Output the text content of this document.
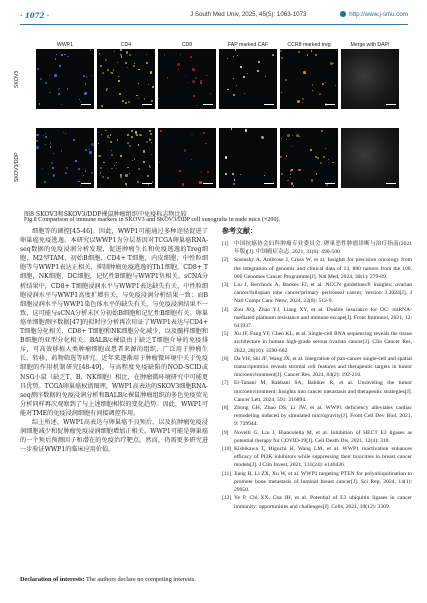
· 1072 ·	J South Med Univ, 2025, 45(5): 1063-1073	http://www.j-smu.com
WWP1	CD4	CD8	FAP marked CAF	CCR8 marked treg	Merge with DAPI
SKOV3
SKOV3/DDP
图8 SKOV3和SKOV3/DDP裸鼠肿瘤组织中免疫标志物比较
Fig.8 Comparison of immune markers in SKOV3 and SKOV3/DDP cell xenografts in nude mice (×200).

细胞等的调控[45-46]。因此，WWP1可能通过多种途径促进了卵巢癌免疫逃逸。本研究以WWP1为分层基因对TCGA卵巢癌RNA-seq数据的免疫浸润分析发现，促进肿瘤生长和免疫逃逸的Treg细胞，M2型TAM，初始B细胞，CD4+ T细胞，内皮细胞，中性粒细胞等与WWP1表达正相关，抑制肿瘤免疫逃逸的Th1细胞，CD8+ T细胞，NK细胞，DC细胞，记忆性B细胞与WWP1负相关。sCNA分析结果中，CD8+ T细胞浸润水平与WWP1表达缺失有关，中性粒细胞浸润水平与WWP1高度扩增有关，与免疫浸润分析结果一致；而B细胞浸润水平与WWP1染色体水平的缺失有关，与免疫浸润结果不一致，这可能与sCNA分析未区分初始B细胞和记忆性B细胞有关。卵巢癌单细胞测序数据[47]的拟时序分析再次印证了WWP1表达与CD4+ T细胞分化相关，CD8+ T细胞和NK细胞分化减少，以及髓样细胞和B细胞的亚型分化相关。BALB/c裸鼠由于缺乏T细胞介导的免疫排斥，可高效移植人类肿瘤细胞或患者来源的组织，广泛用于肿瘤生长、转移、药物筛选等研究。近年来逐渐用于肿瘤微环境中关于免疫细胞的作用机制研究[48-49]，与高程度免疫缺陷的NOD-SCID或NSG小鼠（缺乏T、B、NK细胞）相比，在肿瘤微环境研究中可能更具优势。TCGA卵巢癌权谱图理，WWP1高表达的SKOV3细胞RNA-seq测序数据的免疫浸润分析和BALB/c裸鼠肿瘤组织的多色免疫荧光分析同样再次观察到了与上述细胞相似的变化趋势。因此，WWP1可能对TME的免疫浸润细胞有间接调控作用。

综上所述，WWP1高表达与卵巢癌不良预后，以及抗肿瘤免疫浸润细胞减少和促肿瘤免疫浸润细胞增加正相关。WWP1可能是卵巢癌的一个预后预测因子和潜在的免疫治疗靶点。然而，仍需更多研究进一步验证WWP1的临床应用价值。

Declaration of interests: The authors declare no competing interests.
参考文献：
[1] 中国抗癌协会妇科肿瘤专业委员会. 卵巢恶性肿瘤诊断与治疗指南(2021年版)[J]. 中国癌症杂志, 2021, 31(6): 490-500.
[2] Sosinsky A, Ambrose J, Cross W, et al. Insights for precision oncology from the integration of genomic and clinical data of 13, 880 tumors from the 100, 000 Genomes Cancer Programme[J]. Nat Med, 2024, 30(1): 279-89.
[3] Liu J, Berchuck A, Backes FJ, et al. NCCN guidelines® insights: ovarian cancer/fallopian tube cancer/primary peritoneal cancer, version 3.2024[J]. J Natl Compr Canc Netw, 2024, 22(8): 512-9.
[4] Zou XQ, Zhao YJ, Liang XY, et al. Double insurance for OC: miRNA-mediated platinum resistance and immune escape[J]. Front Immunol, 2021, 12: 641937.
[5] Xu JF, Fang YF, Chen KL, et al. Single-cell RNA sequencing reveals the tissue architecture in human high-grade serous ovarian cancer[J]. Clin Cancer Res, 2022, 28(16): 3590-602.
[6] Da YH, Shi JF, Wang JX, et al. Integration of pan-cancer single-cell and spatial transcriptomics reveals stromal cell features and therapeutic targets in tumor microenvironment[J]. Cancer Res, 2024, 84(2): 192-210.
[7] El-Tanani M, Rabbani SA, Babiker R, et al. Unraveling the tumor microenvironment: Insights into cancer metastasis and therapeutic strategies[J]. Cancer Lett, 2024, 591: 216894.
[8] Zhong GH, Zhao DS, Li JW, et al. WWP1 deficiency alleviates cardiac remodeling induced by simulated microgravity[J]. Front Cell Dev Biol, 2021, 9: 739944.
[9] Novelli G, Liu J, Biancolella M, et al. Inhibition of HECT E3 ligases as potential therapy for COVID-19[J]. Cell Death Dis, 2021, 12(4): 310.
[10] Kishikawa T, Higuchi H, Wang LM, et al. WWP1 inactivation enhances efficacy of PI3K inhibitors while suppressing their toxicities in breast cancer models[J]. J Clin Invest, 2021, 131(24): e140436.
[11] Jiang H, Li ZX, Xu W, et al. WWP1 targeting PTEN for polyubiquitination to promote bone metastasis of luminal breast cancer[J]. Sci Rep, 2024, 14(1): 29950.
[12] Ye P, Chi XX, Cha JH, et al. Potential of E3 ubiquitin ligases in cancer immunity: opportunities and challenges[J]. Cells, 2021, 10(12): 3309.
